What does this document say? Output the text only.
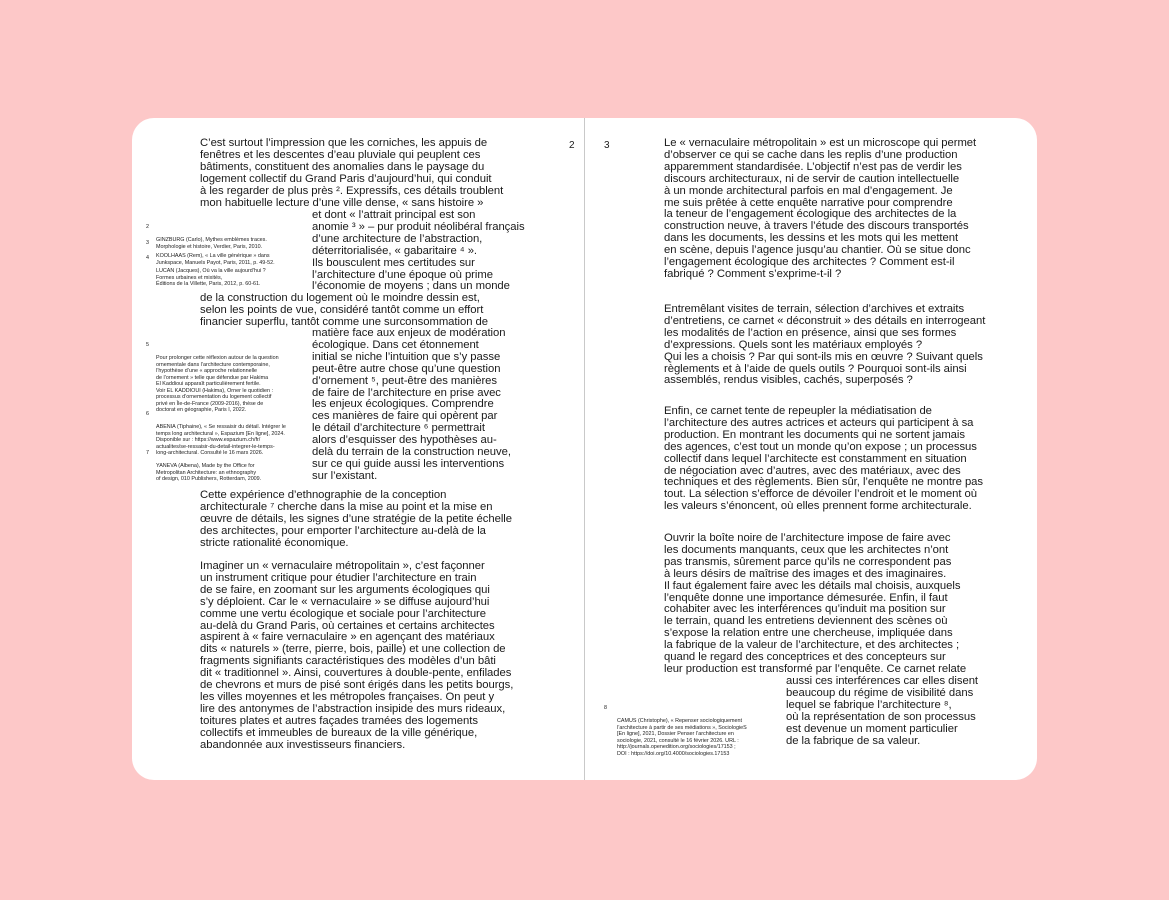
2

C’est surtout l’impression que les corniches, les appuis de
fenêtres et les descentes d’eau pluviale qui peuplent ces
bâtiments, constituent des anomalies dans le paysage du
logement collectif du Grand Paris d’aujourd’hui, qui conduit
à les regarder de plus près ². Expressifs, ces détails troublent
mon habituelle lecture d’une ville dense, « sans histoire »

et dont « l’attrait principal est son
anomie ³ » – pur produit néolibéral français
d’une architecture de l’abstraction,
déterritorialisée, « gabaritaire ⁴ ».
Ils bousculent mes certitudes sur
l’architecture d’une époque où prime
l’économie de moyens ; dans un monde

de la construction du logement où le moindre dessin est,
selon les points de vue, considéré tantôt comme un effort
financier superflu, tantôt comme une surconsommation de

matière face aux enjeux de modération
écologique. Dans cet étonnement
initial se niche l’intuition que s’y passe
peut-être autre chose qu’une question
d’ornement ⁵, peut-être des manières
de faire de l’architecture en prise avec
les enjeux écologiques. Comprendre
ces manières de faire qui opèrent par
le détail d’architecture ⁶ permettrait
alors d’esquisser des hypothèses au-
delà du terrain de la construction neuve,
sur ce qui guide aussi les interventions
sur l’existant.

Cette expérience d’ethnographie de la conception
architecturale ⁷ cherche dans la mise au point et la mise en
œuvre de détails, les signes d’une stratégie de la petite échelle
des architectes, pour emporter l’architecture au-delà de la
stricte rationalité économique.

Imaginer un « vernaculaire métropolitain », c’est façonner
un instrument critique pour étudier l’architecture en train
de se faire, en zoomant sur les arguments écologiques qui
s’y déploient. Car le « vernaculaire » se diffuse aujourd’hui
comme une vertu écologique et sociale pour l’architecture
au-delà du Grand Paris, où certaines et certains architectes
aspirent à « faire vernaculaire » en agençant des matériaux
dits « naturels » (terre, pierre, bois, paille) et une collection de
fragments signifiants caractéristiques des modèles d’un bâti
dit « traditionnel ». Ainsi, couvertures à double-pente, enfilades
de chevrons et murs de pisé sont érigés dans les petits bourgs,
les villes moyennes et les métropoles françaises. On peut y
lire des antonymes de l’abstraction insipide des murs rideaux,
toitures plates et autres façades tramées des logements
collectifs et immeubles de bureaux de la ville générique,
abandonnée aux investisseurs financiers.

2

GINZBURG (Carlo), Mythes emblèmes traces.
Morphologie et histoire, Verdier, Paris, 2010.

3

KOOLHAAS (Rem), « La ville générique » dans
Junkspace, Manuels Payot, Paris, 2011, p. 49-52.

4

LUCAN (Jacques), Où va la ville aujourd’hui ?
Formes urbaines et mixités,
Éditions de la Villette, Paris, 2012, p. 60-61.

5

Pour prolonger cette réflexion autour de la question
ornementale dans l’architecture contemporaine,
l’hypothèse d’une « approche relationnelle
de l’ornement » telle que défendue par Hakima
El Kaddioui apparaît particulièrement fertile.
Voir EL KADDIOUI (Hakima), Orner le quotidien :
processus d’ornementation du logement collectif
privé en Île-de-France (2009-2016), thèse de
doctorat en géographie, Paris I, 2022.

6

ABENIA (Tiphaine), « Se ressaisir du détail. Intégrer le
temps long architectural », Espazium [En ligne], 2024.
Disponible sur : https://www.espazium.ch/fr/
actualites/se-ressaisir-du-detail-integrer-le-temps-
long-architectural. Consulté le 16 mars 2026.

7

YANEVA (Albena), Made by the Office for
Metropolitan Architecture: an ethnography
of design, 010 Publishers, Rotterdam, 2009.

3	Le « vernaculaire métropolitain » est un microscope qui permet
d’observer ce qui se cache dans les replis d’une production
apparemment standardisée. L’objectif n’est pas de verdir les
discours architecturaux, ni de servir de caution intellectuelle
à un monde architectural parfois en mal d’engagement. Je
me suis prêtée à cette enquête narrative pour comprendre
la teneur de l’engagement écologique des architectes de la
construction neuve, à travers l’étude des discours transportés
dans les documents, les dessins et les mots qui les mettent
en scène, depuis l’agence jusqu’au chantier. Où se situe donc
l’engagement écologique des architectes ? Comment est-il
fabriqué ? Comment s’exprime-t-il ?

Entremêlant visites de terrain, sélection d’archives et extraits
d’entretiens, ce carnet « déconstruit » des détails en interrogeant
les modalités de l’action en présence, ainsi que ses formes
d’expressions. Quels sont les matériaux employés ?
Qui les a choisis ? Par qui sont-ils mis en œuvre ? Suivant quels
règlements et à l’aide de quels outils ? Pourquoi sont-ils ainsi
assemblés, rendus visibles, cachés, superposés ?

Enfin, ce carnet tente de repeupler la médiatisation de
l’architecture des autres actrices et acteurs qui participent à sa
production. En montrant les documents qui ne sortent jamais
des agences, c’est tout un monde qu’on expose ; un processus
collectif dans lequel l’architecte est constamment en situation
de négociation avec d’autres, avec des matériaux, avec des
techniques et des règlements. Bien sûr, l’enquête ne montre pas
tout. La sélection s’efforce de dévoiler l’endroit et le moment où
les valeurs s’énoncent, où elles prennent forme architecturale.

Ouvrir la boîte noire de l’architecture impose de faire avec
les documents manquants, ceux que les architectes n’ont
pas transmis, sûrement parce qu’ils ne correspondent pas
à leurs désirs de maîtrise des images et des imaginaires.
Il faut également faire avec les détails mal choisis, auxquels
l’enquête donne une importance démesurée. Enfin, il faut
cohabiter avec les interférences qu’induit ma position sur
le terrain, quand les entretiens deviennent des scènes où
s’expose la relation entre une chercheuse, impliquée dans
la fabrique de la valeur de l’architecture, et des architectes ;
quand le regard des conceptrices et des concepteurs sur
leur production est transformé par l’enquête. Ce carnet relate

aussi ces interférences car elles disent
beaucoup du régime de visibilité dans
lequel se fabrique l’architecture ⁸,
où la représentation de son processus
est devenue un moment particulier
de la fabrique de sa valeur.

8

CAMUS (Christophe), « Repenser sociologiquement
l’architecture à partir de ses médiations », SociologieS
[En ligne], 2021, Dossier Penser l’architecture en
sociologie, 2021, consulté le 16 février 2026. URL :
http://journals.openedition.org/sociologies/17153 ;
DOI : https://doi.org/10.4000/sociologies.17153
